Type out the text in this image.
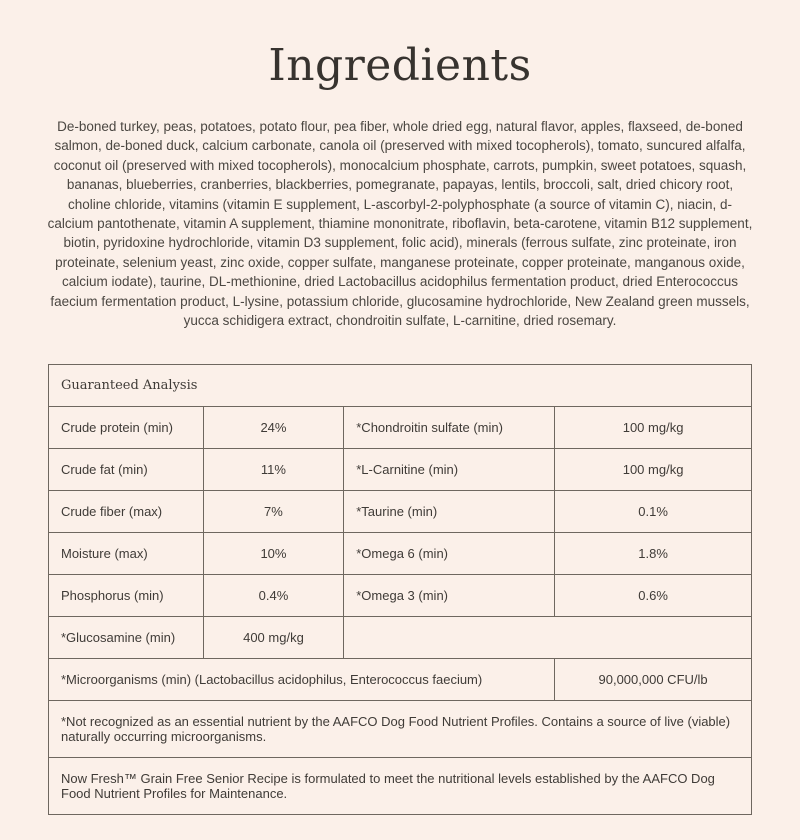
Ingredients

De-boned turkey, peas, potatoes, potato flour, pea fiber, whole dried egg, natural flavor, apples, flaxseed, de-boned salmon, de-boned duck, calcium carbonate, canola oil (preserved with mixed tocopherols), tomato, suncured alfalfa, coconut oil (preserved with mixed tocopherols), monocalcium phosphate, carrots, pumpkin, sweet potatoes, squash, bananas, blueberries, cranberries, blackberries, pomegranate, papayas, lentils, broccoli, salt, dried chicory root, choline chloride, vitamins (vitamin E supplement, L-ascorbyl-2-polyphosphate (a source of vitamin C), niacin, d-calcium pantothenate, vitamin A supplement, thiamine mononitrate, riboflavin, beta-carotene, vitamin B12 supplement, biotin, pyridoxine hydrochloride, vitamin D3 supplement, folic acid), minerals (ferrous sulfate, zinc proteinate, iron proteinate, selenium yeast, zinc oxide, copper sulfate, manganese proteinate, copper proteinate, manganous oxide, calcium iodate), taurine, DL-methionine, dried Lactobacillus acidophilus fermentation product, dried Enterococcus faecium fermentation product, L-lysine, potassium chloride, glucosamine hydrochloride, New Zealand green mussels, yucca schidigera extract, chondroitin sulfate, L-carnitine, dried rosemary.

Guaranteed Analysis			
Crude protein (min)	24%	*Chondroitin sulfate (min)	100 mg/kg
Crude fat (min)	11%	*L-Carnitine (min)	100 mg/kg
Crude fiber (max)	7%	*Taurine (min)	0.1%
Moisture (max)	10%	*Omega 6 (min)	1.8%
Phosphorus (min)	0.4%	*Omega 3 (min)	0.6%
*Glucosamine (min)	400 mg/kg		
*Microorganisms (min) (Lactobacillus acidophilus, Enterococcus faecium)			90,000,000 CFU/lb
*Not recognized as an essential nutrient by the AAFCO Dog Food Nutrient Profiles. Contains a source of live (viable) naturally occurring microorganisms.			
Now Fresh™ Grain Free Senior Recipe is formulated to meet the nutritional levels established by the AAFCO Dog Food Nutrient Profiles for Maintenance.			
